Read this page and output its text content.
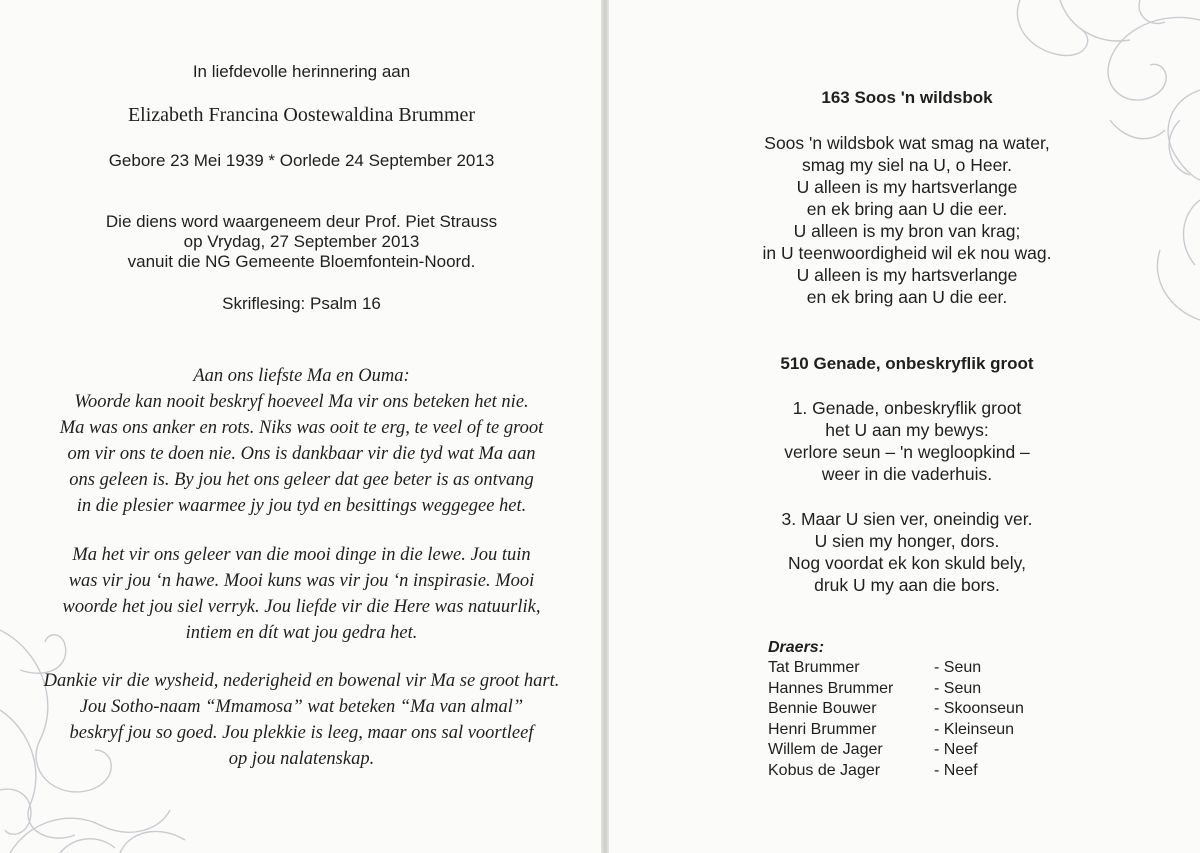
In liefdevolle herinnering aan
Elizabeth Francina Oostewaldina Brummer
Gebore 23 Mei 1939 * Oorlede 24 September 2013
Die diens word waargeneem deur Prof. Piet Strauss
op Vrydag, 27 September 2013
vanuit die NG Gemeente Bloemfontein-Noord.
Skriflesing: Psalm 16
Aan ons liefste Ma en Ouma:
Woorde kan nooit beskryf hoeveel Ma vir ons beteken het nie.
Ma was ons anker en rots. Niks was ooit te erg, te veel of te groot
om vir ons te doen nie. Ons is dankbaar vir die tyd wat Ma aan
ons geleen is. By jou het ons geleer dat gee beter is as ontvang
in die plesier waarmee jy jou tyd en besittings weggegee het.
Ma het vir ons geleer van die mooi dinge in die lewe. Jou tuin
was vir jou ‘n hawe. Mooi kuns was vir jou ‘n inspirasie. Mooi
woorde het jou siel verryk. Jou liefde vir die Here was natuurlik,
intiem en dít wat jou gedra het.
Dankie vir die wysheid, nederigheid en bowenal vir Ma se groot hart.
Jou Sotho-naam “Mmamosa” wat beteken “Ma van almal”
beskryf jou so goed. Jou plekkie is leeg, maar ons sal voortleef
op jou nalatenskap.
163 Soos 'n wildsbok
Soos 'n wildsbok wat smag na water,
smag my siel na U, o Heer.
U alleen is my hartsverlange
en ek bring aan U die eer.
U alleen is my bron van krag;
in U teenwoordigheid wil ek nou wag.
U alleen is my hartsverlange
en ek bring aan U die eer.
510 Genade, onbeskryflik groot
1. Genade, onbeskryflik groot
het U aan my bewys:
verlore seun – 'n wegloopkind –
weer in die vaderhuis.
3. Maar U sien ver, oneindig ver.
U sien my honger, dors.
Nog voordat ek kon skuld bely,
druk U my aan die bors.
Draers:
Tat Brummer	- Seun
Hannes Brummer	- Seun
Bennie Bouwer	- Skoonseun
Henri Brummer	- Kleinseun
Willem de Jager	- Neef
Kobus de Jager	- Neef
